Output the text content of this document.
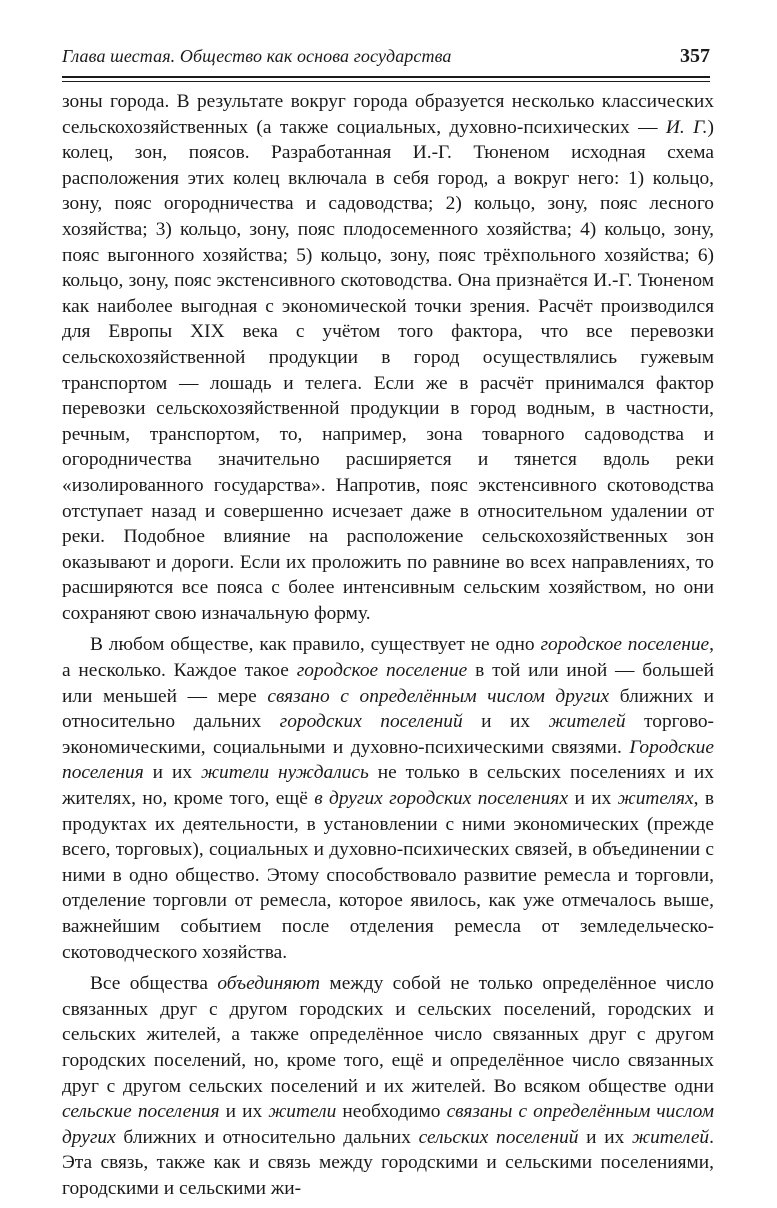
Глава шестая. Общество как основа государства	357

зоны города. В результате вокруг города образуется несколько классических сельскохозяйственных (а также социальных, духовно-психических — И. Г.) колец, зон, поясов. Разработанная И.-Г. Тюненом исходная схема расположения этих колец включала в себя город, а вокруг него: 1) кольцо, зону, пояс огородничества и садоводства; 2) кольцо, зону, пояс лесного хозяйства; 3) кольцо, зону, пояс плодосеменного хозяйства; 4) кольцо, зону, пояс выгонного хозяйства; 5) кольцо, зону, пояс трёхпольного хозяйства; 6) кольцо, зону, пояс экстенсивного скотоводства. Она признаётся И.-Г. Тюненом как наиболее выгодная с экономической точки зрения. Расчёт производился для Европы XIX века с учётом того фактора, что все перевозки сельскохозяйственной продукции в город осуществлялись гужевым транспортом — лошадь и телега. Если же в расчёт принимался фактор перевозки сельскохозяйственной продукции в город водным, в частности, речным, транспортом, то, например, зона товарного садоводства и огородничества значительно расширяется и тянется вдоль реки «изолированного государства». Напротив, пояс экстенсивного скотоводства отступает назад и совершенно исчезает даже в относительном удалении от реки. Подобное влияние на расположение сельскохозяйственных зон оказывают и дороги. Если их проложить по равнине во всех направлениях, то расширяются все пояса с более интенсивным сельским хозяйством, но они сохраняют свою изначальную форму.

В любом обществе, как правило, существует не одно городское поселение, а несколько. Каждое такое городское поселение в той или иной — большей или меньшей — мере связано с определённым числом других ближних и относительно дальних городских поселений и их жителей торгово-экономическими, социальными и духовно-психическими связями. Городские поселения и их жители нуждались не только в сельских поселениях и их жителях, но, кроме того, ещё в других городских поселениях и их жителях, в продуктах их деятельности, в установлении с ними экономических (прежде всего, торговых), социальных и духовно-психических связей, в объединении с ними в одно общество. Этому способствовало развитие ремесла и торговли, отделение торговли от ремесла, которое явилось, как уже отмечалось выше, важнейшим событием после отделения ремесла от земледельческо-скотоводческого хозяйства.

Все общества объединяют между собой не только определённое число связанных друг с другом городских и сельских поселений, городских и сельских жителей, а также определённое число связанных друг с другом городских поселений, но, кроме того, ещё и определённое число связанных друг с другом сельских поселений и их жителей. Во всяком обществе одни сельские поселения и их жители необходимо связаны с определённым числом других ближних и относительно дальних сельских поселений и их жителей. Эта связь, также как и связь между городскими и сельскими поселениями, городскими и сельскими жи-
